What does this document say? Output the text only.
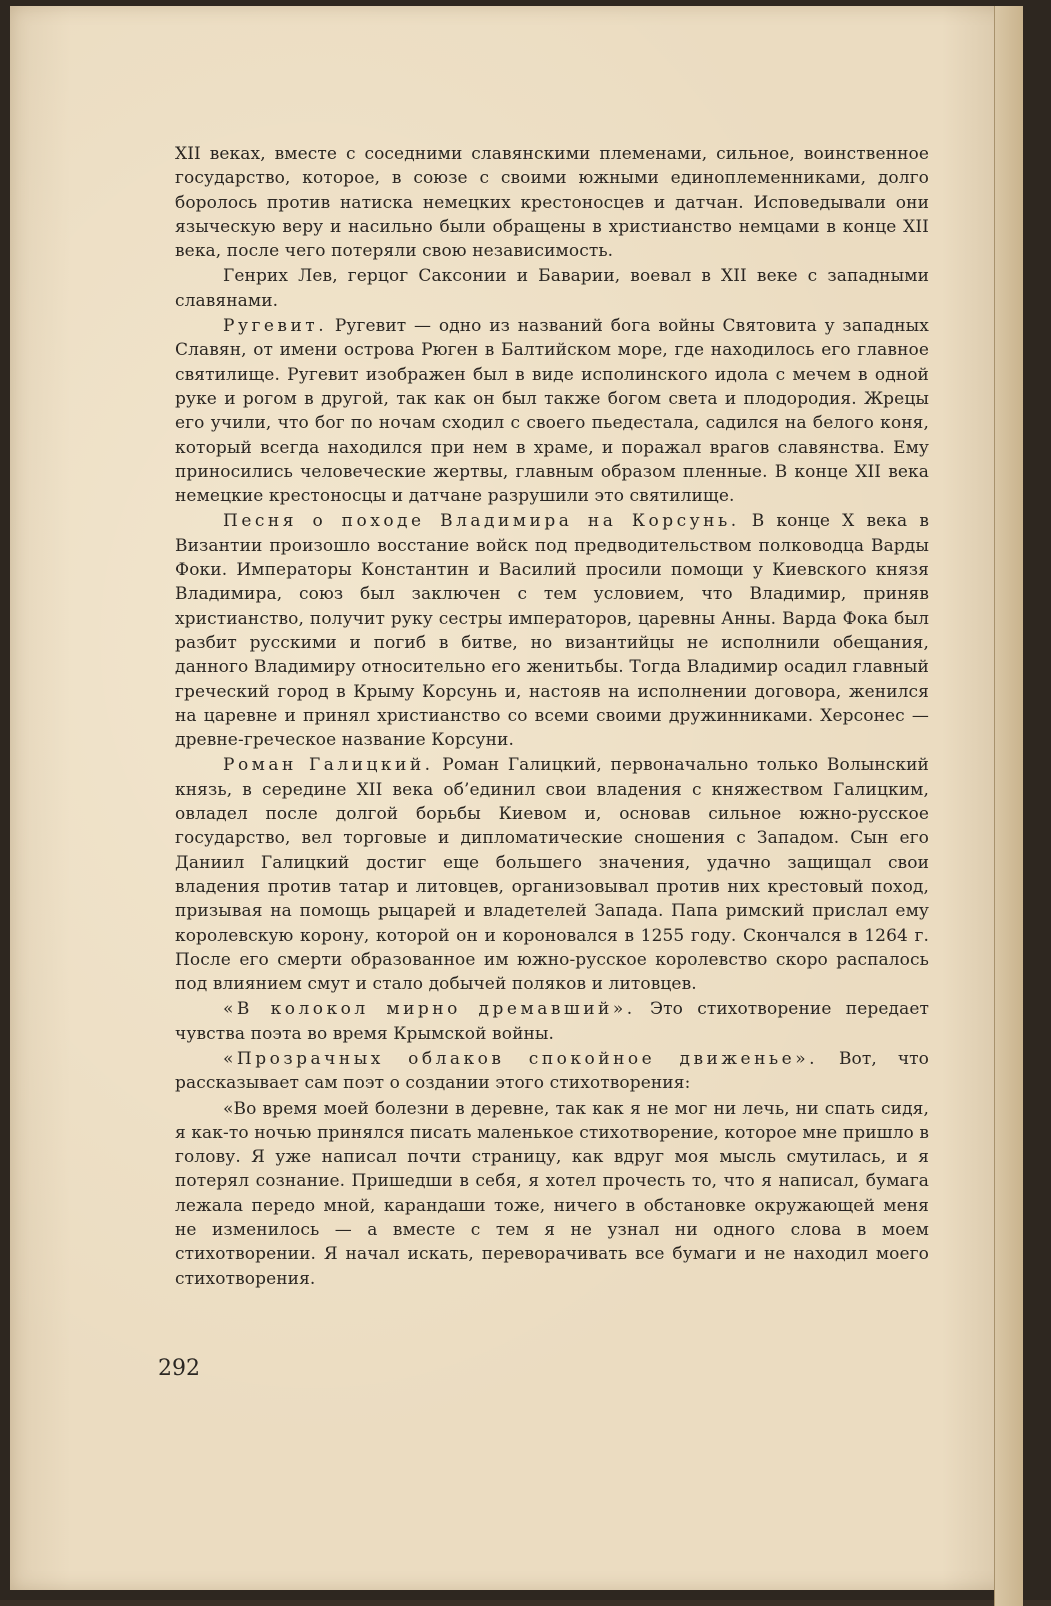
XII веках, вместе с соседними славянскими племенами, сильное, воинственное государство, которое, в союзе с своими южными единоплеменниками, долго боролось против натиска немецких крестоносцев и датчан. Исповедывали они языческую веру и насильно были обращены в христианство немцами в конце XII века, после чего потеряли свою независимость.

Генрих Лев, герцог Саксонии и Баварии, воевал в XII веке с западными славянами.

Ругевит. Ругевит — одно из названий бога войны Святовита у западных Славян, от имени острова Рюген в Балтийском море, где находилось его главное святилище. Ругевит изображен был в виде исполинского идола с мечем в одной руке и рогом в другой, так как он был также богом света и плодородия. Жрецы его учили, что бог по ночам сходил с своего пьедестала, садился на белого коня, который всегда находился при нем в храме, и поражал врагов славянства. Ему приносились человеческие жертвы, главным образом пленные. В конце XII века немецкие крестоносцы и датчане разрушили это святилище.

Песня о походе Владимира на Корсунь. В конце X века в Византии произошло восстание войск под предводительством полководца Варды Фоки. Императоры Константин и Василий просили помощи у Киевского князя Владимира, союз был заключен с тем условием, что Владимир, приняв христианство, получит руку сестры императоров, царевны Анны. Варда Фока был разбит русскими и погиб в битве, но византийцы не исполнили обещания, данного Владимиру относительно его женитьбы. Тогда Владимир осадил главный греческий город в Крыму Корсунь и, настояв на исполнении договора, женился на царевне и принял христианство со всеми своими дружинниками. Херсонес — древне-греческое название Корсуни.

Роман Галицкий. Роман Галицкий, первоначально только Волынский князь, в середине XII века об’единил свои владения с княжеством Галицким, овладел после долгой борьбы Киевом и, основав сильное южно-русское государство, вел торговые и дипломатические сношения с Западом. Сын его Даниил Галицкий достиг еще большего значения, удачно защищал свои владения против татар и литовцев, организовывал против них крестовый поход, призывая на помощь рыцарей и владетелей Запада. Папа римский прислал ему королевскую корону, которой он и короновался в 1255 году. Скончался в 1264 г. После его смерти образованное им южно-русское королевство скоро распалось под влиянием смут и стало добычей поляков и литовцев.

«В колокол мирно дремавший». Это стихотворение передает чувства поэта во время Крымской войны.

«Прозрачных облаков спокойное движенье». Вот, что рассказывает сам поэт о создании этого стихотворения:

«Во время моей болезни в деревне, так как я не мог ни лечь, ни спать сидя, я как-то ночью принялся писать маленькое стихотворение, которое мне пришло в голову. Я уже написал почти страницу, как вдруг моя мысль смутилась, и я потерял сознание. Пришедши в себя, я хотел прочесть то, что я написал, бумага лежала передо мной, карандаши тоже, ничего в обстановке окружающей меня не изменилось — а вместе с тем я не узнал ни одного слова в моем стихотворении. Я начал искать, переворачивать все бумаги и не находил моего стихотворения.

292
